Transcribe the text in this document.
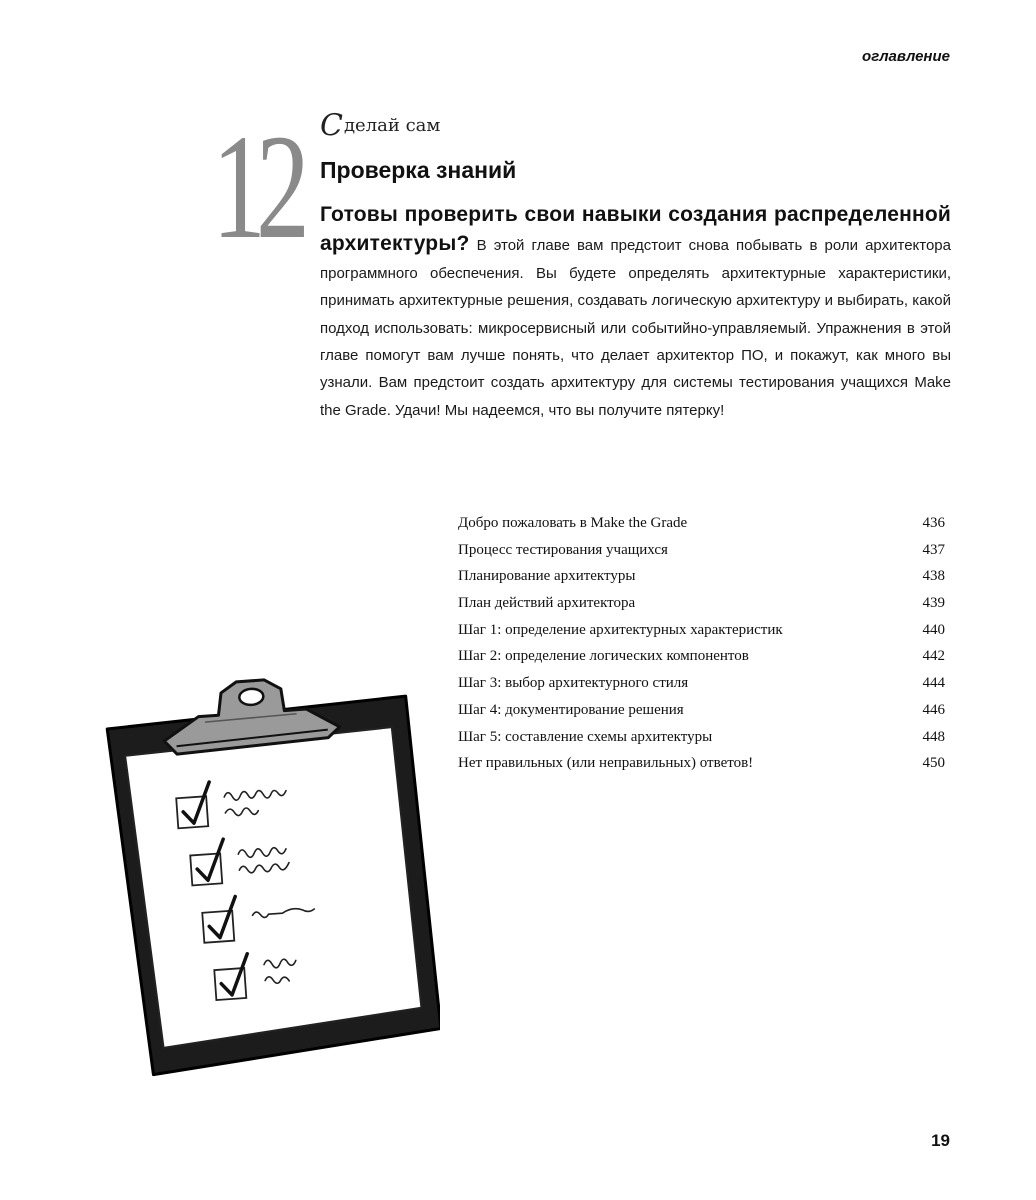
оглавление
12 Сделай сам
Проверка знаний

Готовы проверить свои навыки создания распределенной архитектуры? В этой главе вам предстоит снова побывать в роли архитектора программного обеспечения. Вы будете определять архитектурные характеристики, принимать архитектурные решения, создавать логическую архитектуру и выбирать, какой подход использовать: микросервисный или событийно-управляемый. Упражнения в этой главе помогут вам лучше понять, что делает архитектор ПО, и покажут, как много вы узнали. Вам предстоит создать архитектуру для системы тестирования учащихся Make the Grade. Удачи! Мы надеемся, что вы получите пятерку!

Добро пожаловать в Make the Grade	436
Процесс тестирования учащихся	437
Планирование архитектуры	438
План действий архитектора	439
Шаг 1: определение архитектурных характеристик	440
Шаг 2: определение логических компонентов	442
Шаг 3: выбор архитектурного стиля	444
Шаг 4: документирование решения	446
Шаг 5: составление схемы архитектуры	448
Нет правильных (или неправильных) ответов!	450
19
